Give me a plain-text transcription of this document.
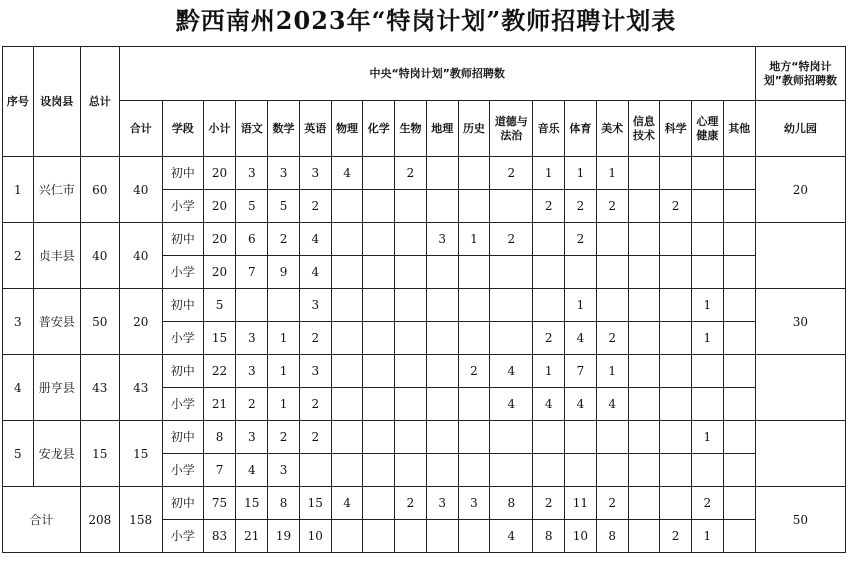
黔西南州2023年“特岗计划”教师招聘计划表
序号	设岗县	总计	中央“特岗计划”教师招聘数																			地方“特岗计划”教师招聘数
			合计	学段	小计	语文	数学	英语	物理	化学	生物	地理	历史	道德与法治	音乐	体育	美术	信息技术	科学	心理健康	其他	幼儿园
1	兴仁市	60	40	初中	20	3	3	3	4		2			2	1	1	1					20
				小学	20	5	5	2							2	2	2		2			
2	贞丰县	40	40	初中	20	6	2	4				3	1	2		2						
				小学	20	7	9	4														
3	普安县	50	20	初中	5			3								1				1		30
				小学	15	3	1	2							2	4	2			1		
4	册亨县	43	43	初中	22	3	1	3					2	4	1	7	1					
				小学	21	2	1	2						4	4	4	4					
5	安龙县	15	15	初中	8	3	2	2												1		
				小学	7	4	3															
合计		208	158	初中	75	15	8	15	4		2	3	3	8	2	11	2			2		50
				小学	83	21	19	10						4	8	10	8		2	1		
